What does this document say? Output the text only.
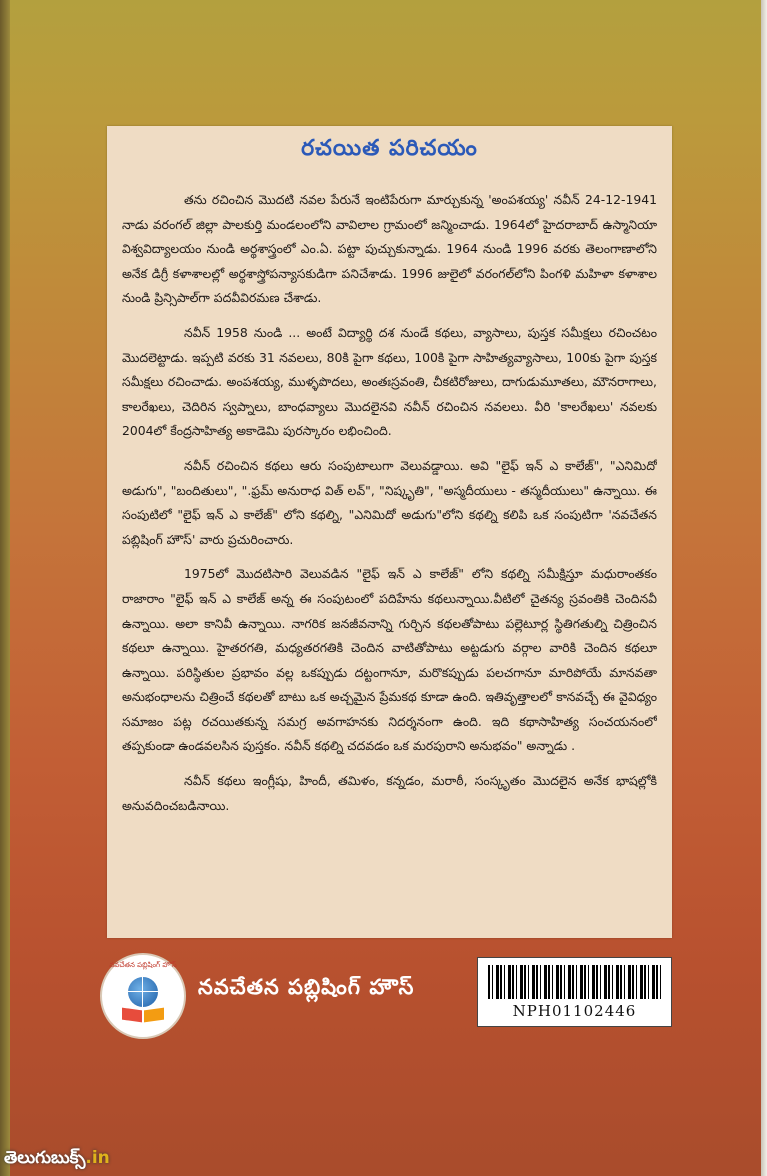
రచయిత పరిచయం

తను రచించిన మొదటి నవల పేరునే ఇంటిపేరుగా మార్చుకున్న 'అంపశయ్య' నవీన్ 24-12-1941 నాడు వరంగల్ జిల్లా పాలకుర్తి మండలంలోని వావిలాల గ్రామంలో జన్మించాడు. 1964లో హైదరాబాద్ ఉస్మానియా విశ్వవిద్యాలయం నుండి అర్థశాస్త్రంలో ఎం.ఏ. పట్టా పుచ్చుకున్నాడు. 1964 నుండి 1996 వరకు తెలంగాణాలోని అనేక డిగ్రీ కళాశాలల్లో అర్థశాస్త్రోపన్యాసకుడిగా పనిచేశాడు. 1996 జులైలో వరంగల్‌లోని పింగళి మహిళా కళాశాల నుండి ప్రిన్సిపాల్‌గా పదవీవిరమణ చేశాడు.

నవీన్ 1958 నుండి ... అంటే విద్యార్థి దశ నుండే కథలు, వ్యాసాలు, పుస్తక సమీక్షలు రచించటం మొదలెట్టాడు. ఇప్పటి వరకు 31 నవలలు, 80కి పైగా కథలు, 100కి పైగా సాహిత్యవ్యాసాలు, 100కు పైగా పుస్తక సమీక్షలు రచించాడు. అంపశయ్య, ముళ్ళపొదలు, అంతఃస్రవంతి, చీకటిరోజులు, దాగుడుమూతలు, మౌనరాగాలు, కాలరేఖలు, చెదిరిన స్వప్నాలు, బాంధవ్యాలు మొదలైనవి నవీన్ రచించిన నవలలు. వీరి 'కాలరేఖలు' నవలకు 2004లో కేంద్రసాహిత్య అకాడెమి పురస్కారం లభించింది.

నవీన్ రచించిన కథలు ఆరు సంపుటాలుగా వెలువడ్డాయి. అవి "లైఫ్ ఇన్ ఎ కాలేజ్", "ఎనిమిదో అడుగు", "బందితులు", ".ఫ్రమ్ అనురాధ విత్ లవ్", "నిష్కృతి", "అస్మదీయులు - తస్మదీయులు" ఉన్నాయి. ఈ సంపుటిలో "లైఫ్ ఇన్ ఎ కాలేజ్" లోని కథల్ని, "ఎనిమిదో అడుగు"లోని కథల్ని కలిపి ఒక సంపుటిగా 'నవచేతన పబ్లిషింగ్ హౌస్' వారు ప్రచురించారు.

1975లో మొదటిసారి వెలువడిన "లైఫ్ ఇన్ ఎ కాలేజ్" లోని కథల్ని సమీక్షిస్తూ మధురాంతకం రాజారాం "లైఫ్ ఇన్ ఎ కాలేజ్ అన్న ఈ సంపుటంలో పదిహేను కథలున్నాయి.వీటిలో చైతన్య స్రవంతికి చెందినవీ ఉన్నాయి. అలా కానివీ ఉన్నాయి. నాగరిక జనజీవనాన్ని గుర్చిన కథలతోపాటు పల్లెటూర్ల స్థితిగతుల్ని చిత్రించిన కథలూ ఉన్నాయి. హైతరగతి, మధ్యతరగతికి చెందిన వాటితోపాటు అట్టడుగు వర్గాల వారికి చెందిన కథలూ ఉన్నాయి. పరిస్థితుల ప్రభావం వల్ల ఒకప్పుడు దట్టంగానూ, మరొకప్పుడు పలచగానూ మారిపోయే మానవతా అనుభంధాలను చిత్రించే కథలతో బాటు ఒక అచ్చమైన ప్రేమకథ కూడా ఉంది. ఇతివృత్తాలలో కానవచ్చే ఈ వైవిధ్యం సమాజం పట్ల రచయితకున్న సమగ్ర అవగాహనకు నిదర్శనంగా ఉంది. ఇది కథాసాహిత్య సంచయనంలో తప్పకుండా ఉండవలసిన పుస్తకం. నవీన్ కథల్ని చదవడం ఒక మరపురాని అనుభవం" అన్నాడు .

నవీన్ కథలు ఇంగ్లీషు, హిందీ, తమిళం, కన్నడం, మరాఠీ, సంస్కృతం మొదలైన అనేక భాషల్లోకి అనువదించబడినాయి.

నవచేతన పబ్లిషింగ్ హౌస్
నవచేతన పబ్లిషింగ్ హౌస్
NPH01102446
తెలుగుబుక్స్.in
